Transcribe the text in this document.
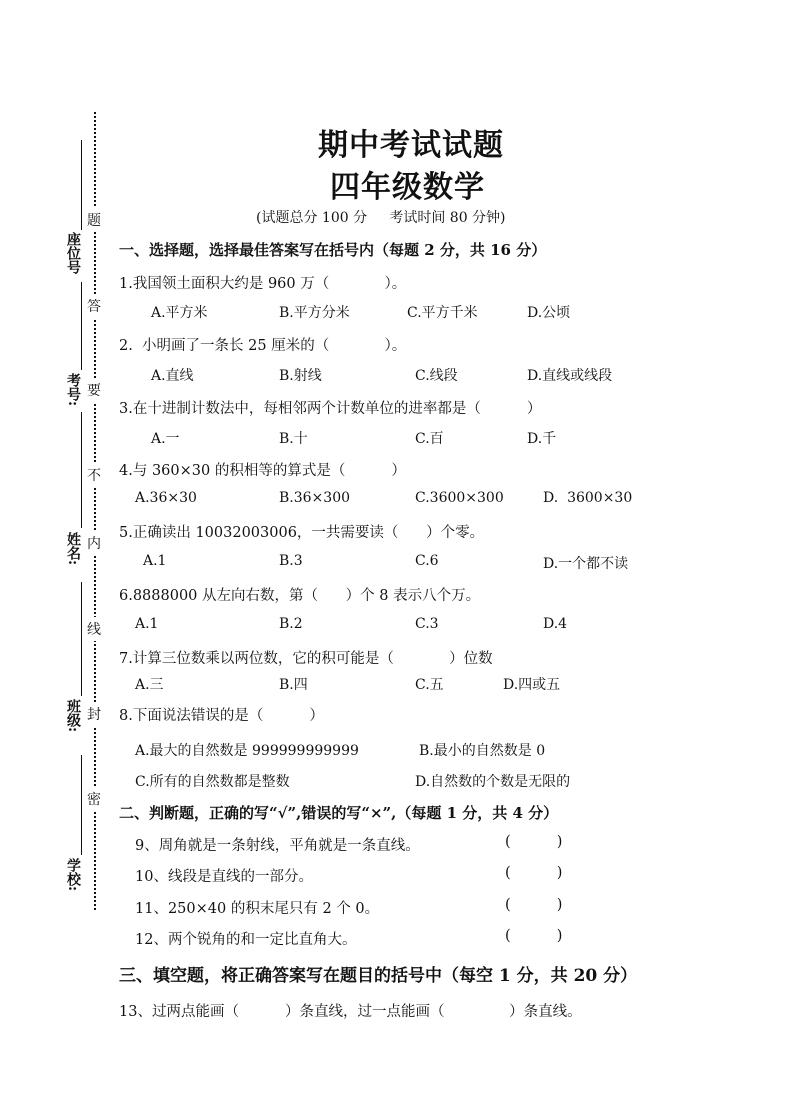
座位号
考号:
姓名:
班级:
学校:
题
答
要
不
内
线
封
密
期中考试试题
四年级数学
(试题总分 100 分     考试时间 80 分钟)
一、选择题，选择最佳答案写在括号内（每题 2 分，共 16 分）
1.我国领土面积大约是 960 万（            ）。
A.平方米	B.平方分米	C.平方千米	D.公顷
2.  小明画了一条长 25 厘米的（            ）。
A.直线	B.射线	C.线段	D.直线或线段
3.在十进制计数法中，每相邻两个计数单位的进率都是（          ）
A.一	B.十	C.百	D.千
4.与 360×30 的积相等的算式是（          ）
A.36×30	B.36×300	C.3600×300	D.  3600×30
5.正确读出 10032003006，一共需要读（      ）个零。
A.1	B.3	C.6	D.一个都不读
6.8888000 从左向右数，第（      ）个 8 表示八个万。
A.1	B.2	C.3	D.4
7.计算三位数乘以两位数，它的积可能是（            ）位数
A.三	B.四	C.五	D.四或五
8.下面说法错误的是（          ）
A.最大的自然数是 999999999999	B.最小的自然数是 0
C.所有的自然数都是整数	D.自然数的个数是无限的
二、判断题，正确的写“√”,错误的写“×”,（每题 1 分，共 4 分）
9、周角就是一条射线，平角就是一条直线。	(          )
10、线段是直线的一部分。	(          )
11、250×40 的积末尾只有 2 个 0。	(          )
12、两个锐角的和一定比直角大。	(          )
三、填空题，将正确答案写在题目的括号中（每空 1 分，共 20 分）
13、过两点能画（          ）条直线，过一点能画（              ）条直线。
